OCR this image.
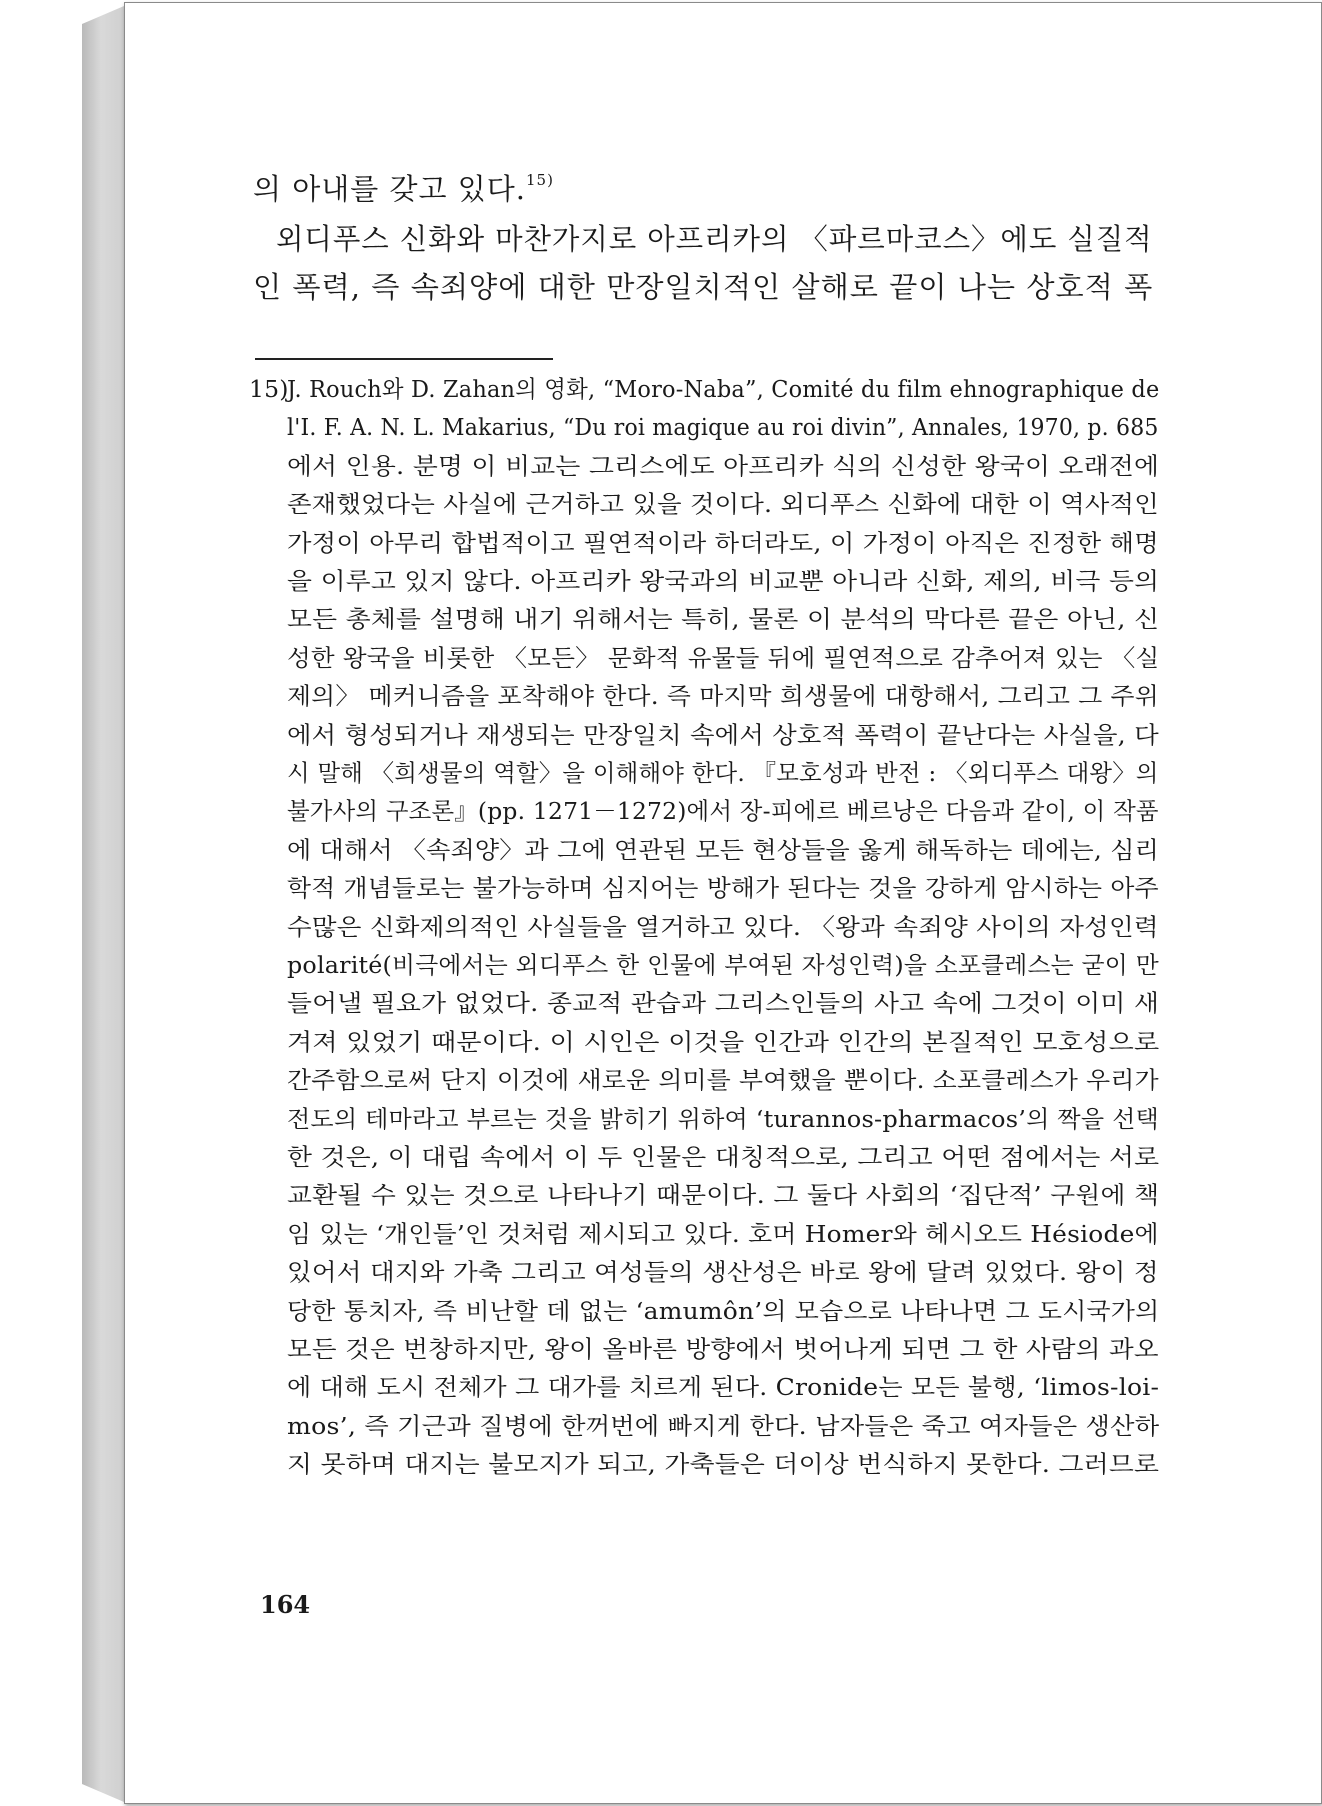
의 아내를 갖고 있다.$^{15)}$
외디푸스 신화와 마찬가지로 아프리카의 〈파르마코스〉에도 실질적
인 폭력, 즉 속죄양에 대한 만장일치적인 살해로 끝이 나는 상호적 폭
15)
J. Rouch와 D. Zahan의 영화, “Moro-Naba”, Comité du film ehnographique de
l'I. F. A. N. L. Makarius, “Du roi magique au roi divin”, Annales, 1970, p. 685
에서 인용. 분명 이 비교는 그리스에도 아프리카 식의 신성한 왕국이 오래전에
존재했었다는 사실에 근거하고 있을 것이다. 외디푸스 신화에 대한 이 역사적인
가정이 아무리 합법적이고 필연적이라 하더라도, 이 가정이 아직은 진정한 해명
을 이루고 있지 않다. 아프리카 왕국과의 비교뿐 아니라 신화, 제의, 비극 등의
모든 총체를 설명해 내기 위해서는 특히, 물론 이 분석의 막다른 끝은 아닌, 신
성한 왕국을 비롯한 〈모든〉 문화적 유물들 뒤에 필연적으로 감추어져 있는 〈실
제의〉 메커니즘을 포착해야 한다. 즉 마지막 희생물에 대항해서, 그리고 그 주위
에서 형성되거나 재생되는 만장일치 속에서 상호적 폭력이 끝난다는 사실을, 다
시 말해 〈희생물의 역할〉을 이해해야 한다. 『모호성과 반전 : 〈외디푸스 대왕〉의
불가사의 구조론』(pp. 1271－1272)에서 장-피에르 베르낭은 다음과 같이, 이 작품
에 대해서 〈속죄양〉과 그에 연관된 모든 현상들을 옳게 해독하는 데에는, 심리
학적 개념들로는 불가능하며 심지어는 방해가 된다는 것을 강하게 암시하는 아주
수많은 신화제의적인 사실들을 열거하고 있다. 〈왕과 속죄양 사이의 자성인력
polarité(비극에서는 외디푸스 한 인물에 부여된 자성인력)을 소포클레스는 굳이 만
들어낼 필요가 없었다. 종교적 관습과 그리스인들의 사고 속에 그것이 이미 새
겨져 있었기 때문이다. 이 시인은 이것을 인간과 인간의 본질적인 모호성으로
간주함으로써 단지 이것에 새로운 의미를 부여했을 뿐이다. 소포클레스가 우리가
전도의 테마라고 부르는 것을 밝히기 위하여 ‘turannos-pharmacos’의 짝을 선택
한 것은, 이 대립 속에서 이 두 인물은 대칭적으로, 그리고 어떤 점에서는 서로
교환될 수 있는 것으로 나타나기 때문이다. 그 둘다 사회의 ‘집단적’ 구원에 책
임 있는 ‘개인들’인 것처럼 제시되고 있다. 호머 Homer와 헤시오드 Hésiode에
있어서 대지와 가축 그리고 여성들의 생산성은 바로 왕에 달려 있었다. 왕이 정
당한 통치자, 즉 비난할 데 없는 ‘amumôn’의 모습으로 나타나면 그 도시국가의
모든 것은 번창하지만, 왕이 올바른 방향에서 벗어나게 되면 그 한 사람의 과오
에 대해 도시 전체가 그 대가를 치르게 된다. Cronide는 모든 불행, ‘limos-loi-
mos’, 즉 기근과 질병에 한꺼번에 빠지게 한다. 남자들은 죽고 여자들은 생산하
지 못하며 대지는 불모지가 되고, 가축들은 더이상 번식하지 못한다. 그러므로
164
